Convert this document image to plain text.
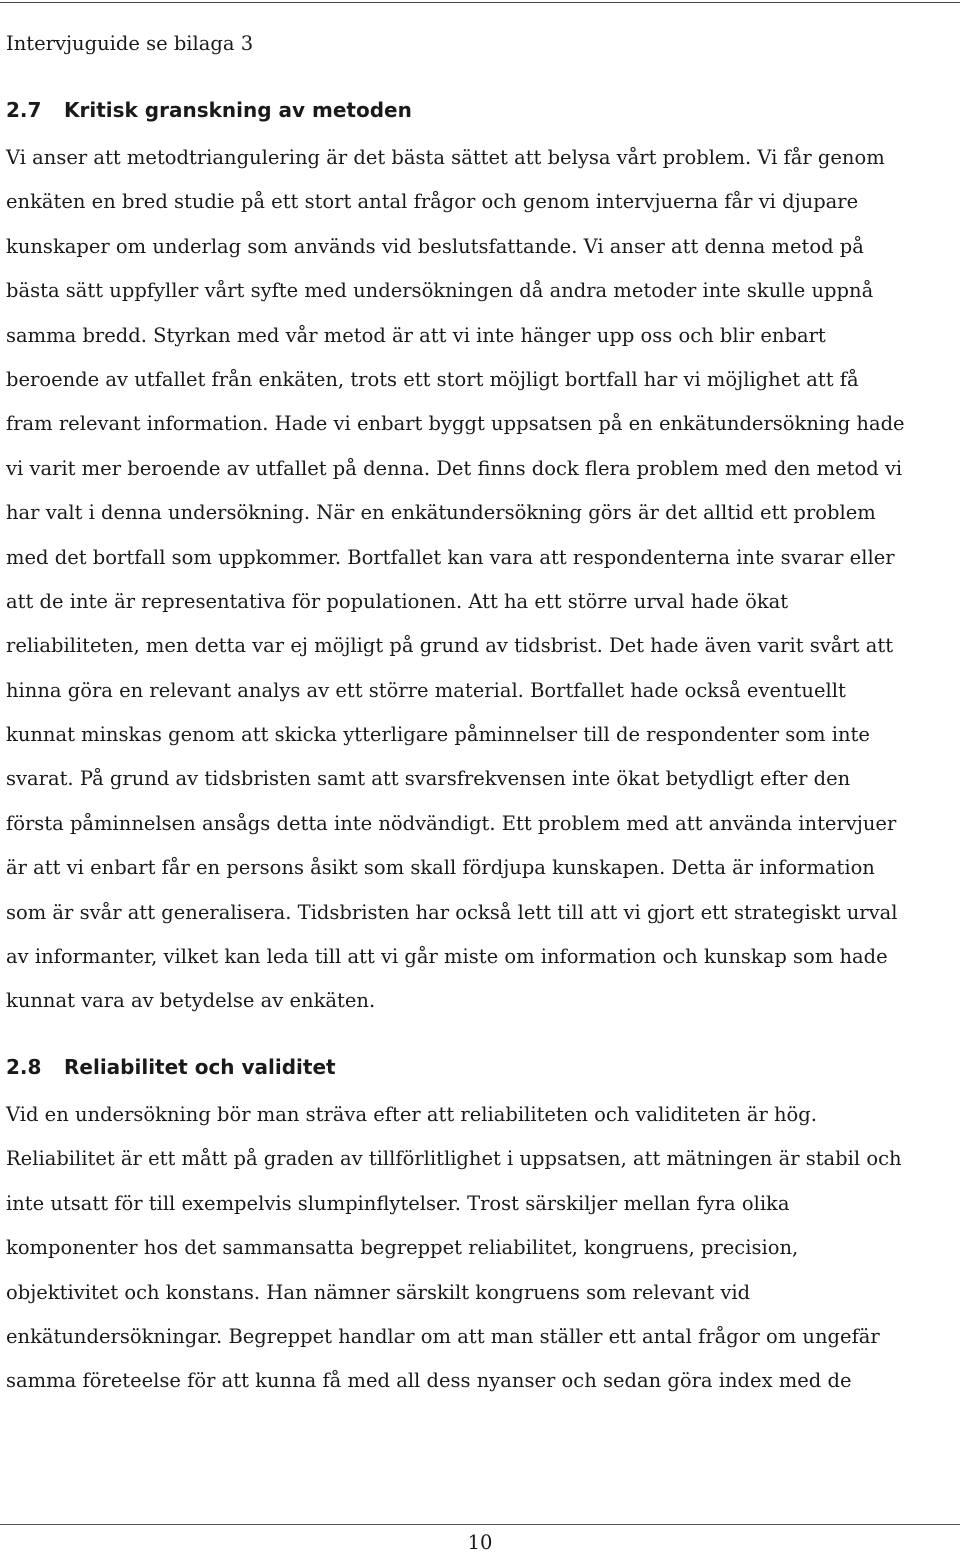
Intervjuguide se bilaga 3
2.7 Kritisk granskning av metoden
Vi anser att metodtriangulering är det bästa sättet att belysa vårt problem. Vi får genom
enkäten en bred studie på ett stort antal frågor och genom intervjuerna får vi djupare
kunskaper om underlag som används vid beslutsfattande. Vi anser att denna metod på
bästa sätt uppfyller vårt syfte med undersökningen då andra metoder inte skulle uppnå
samma bredd. Styrkan med vår metod är att vi inte hänger upp oss och blir enbart
beroende av utfallet från enkäten, trots ett stort möjligt bortfall har vi möjlighet att få
fram relevant information. Hade vi enbart byggt uppsatsen på en enkätundersökning hade
vi varit mer beroende av utfallet på denna. Det finns dock flera problem med den metod vi
har valt i denna undersökning. När en enkätundersökning görs är det alltid ett problem
med det bortfall som uppkommer. Bortfallet kan vara att respondenterna inte svarar eller
att de inte är representativa för populationen. Att ha ett större urval hade ökat
reliabiliteten, men detta var ej möjligt på grund av tidsbrist. Det hade även varit svårt att
hinna göra en relevant analys av ett större material. Bortfallet hade också eventuellt
kunnat minskas genom att skicka ytterligare påminnelser till de respondenter som inte
svarat. På grund av tidsbristen samt att svarsfrekvensen inte ökat betydligt efter den
första påminnelsen ansågs detta inte nödvändigt. Ett problem med att använda intervjuer
är att vi enbart får en persons åsikt som skall fördjupa kunskapen. Detta är information
som är svår att generalisera. Tidsbristen har också lett till att vi gjort ett strategiskt urval
av informanter, vilket kan leda till att vi går miste om information och kunskap som hade
kunnat vara av betydelse av enkäten.
2.8 Reliabilitet och validitet
Vid en undersökning bör man sträva efter att reliabiliteten och validiteten är hög.
Reliabilitet är ett mått på graden av tillförlitlighet i uppsatsen, att mätningen är stabil och
inte utsatt för till exempelvis slumpinflytelser. Trost särskiljer mellan fyra olika
komponenter hos det sammansatta begreppet reliabilitet, kongruens, precision,
objektivitet och konstans. Han nämner särskilt kongruens som relevant vid
enkätundersökningar. Begreppet handlar om att man ställer ett antal frågor om ungefär
samma företeelse för att kunna få med all dess nyanser och sedan göra index med de
10
